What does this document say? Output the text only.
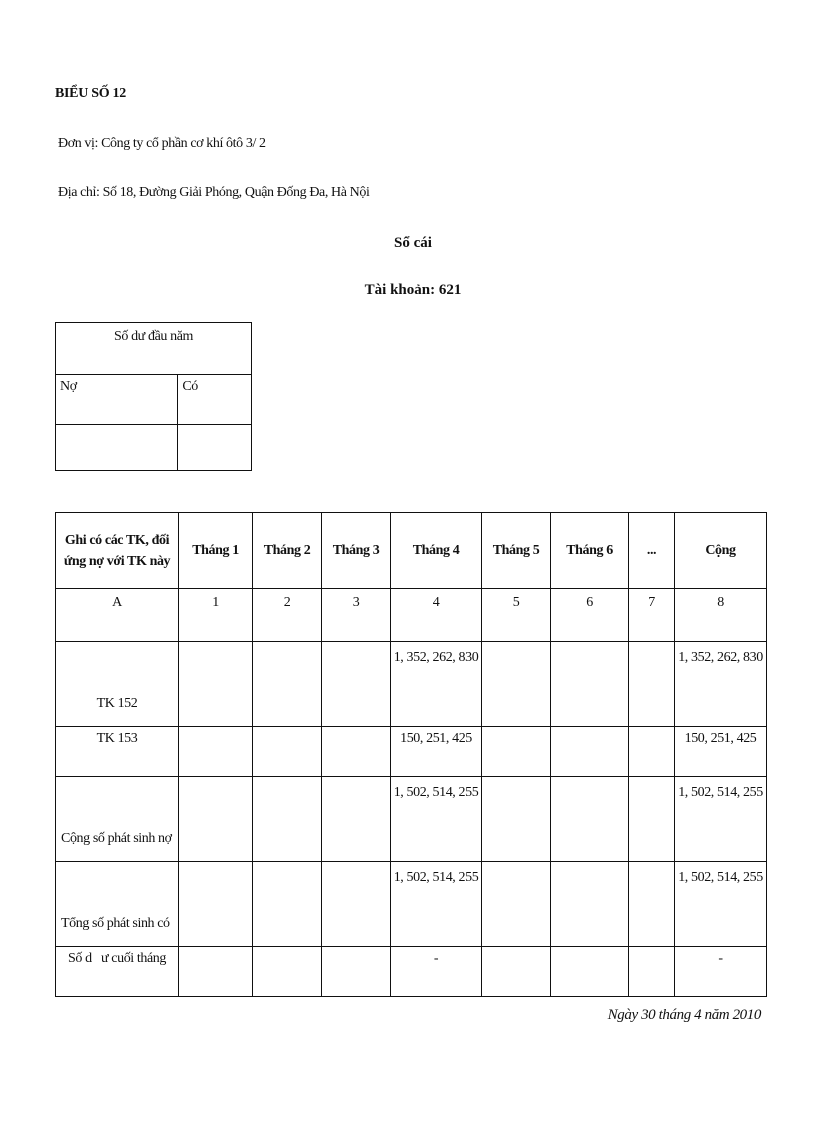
BIỂU SỐ 12
Đơn vị: Công ty cổ phần cơ khí ôtô 3/ 2
Địa chỉ: Số 18, Đường Giải Phóng, Quận Đống Đa, Hà Nội
Sổ cái
Tài khoản: 621
Số dư đầu năm	
Nợ	Có

Ghi có các TK, đối ứng nợ với TK này	Tháng 1	Tháng 2	Tháng 3	Tháng 4	Tháng 5	Tháng 6	...	Cộng
A	1	2	3	4	5	6	7	8
TK 152				1, 352, 262, 830				1, 352, 262, 830
TK 153				150, 251, 425				150, 251, 425
Cộng số phát sinh nợ				1, 502, 514, 255				1, 502, 514, 255
Tổng số phát sinh có				1, 502, 514, 255				1, 502, 514, 255
Số d   ư cuối tháng				-				-
Ngày 30 tháng 4 năm 2010
